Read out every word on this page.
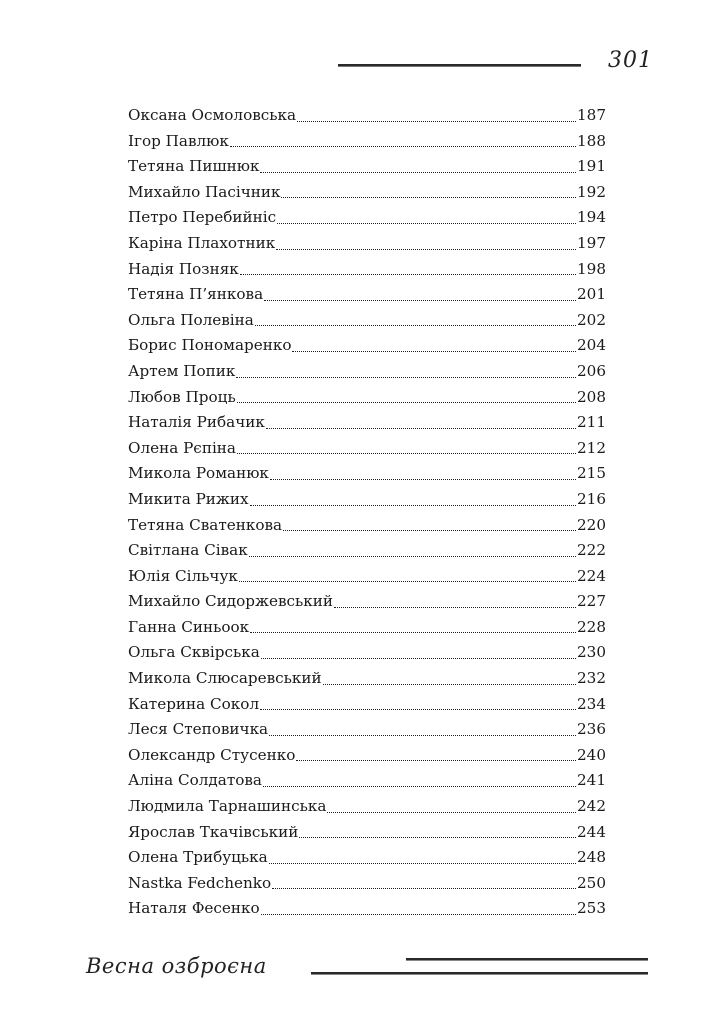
301
Оксана Осмоловська	187
Ігор Павлюк	188
Тетяна Пишнюк	191
Михайло Пасічник	192
Петро Перебийніс	194
Каріна Плахотник	197
Надія Позняк	198
Тетяна П’янкова	201
Ольга Полевіна	202
Борис Пономаренко	204
Артем Попик	206
Любов Проць	208
Наталія Рибачик	211
Олена Рєпіна	212
Микола Романюк	215
Микита Рижих	216
Тетяна Сватенкова	220
Світлана Сівак	222
Юлія Сільчук	224
Михайло Сидоржевський	227
Ганна Синьоок	228
Ольга Сквірська	230
Микола Слюсаревський	232
Катерина Сокол	234
Леся Степовичка	236
Олександр Стусенко	240
Аліна Солдатова	241
Людмила Тарнашинська	242
Ярослав Ткачівський	244
Олена Трибуцька	248
Nastka Fedchenko	250
Наталя Фесенко	253
Весна озброєна
